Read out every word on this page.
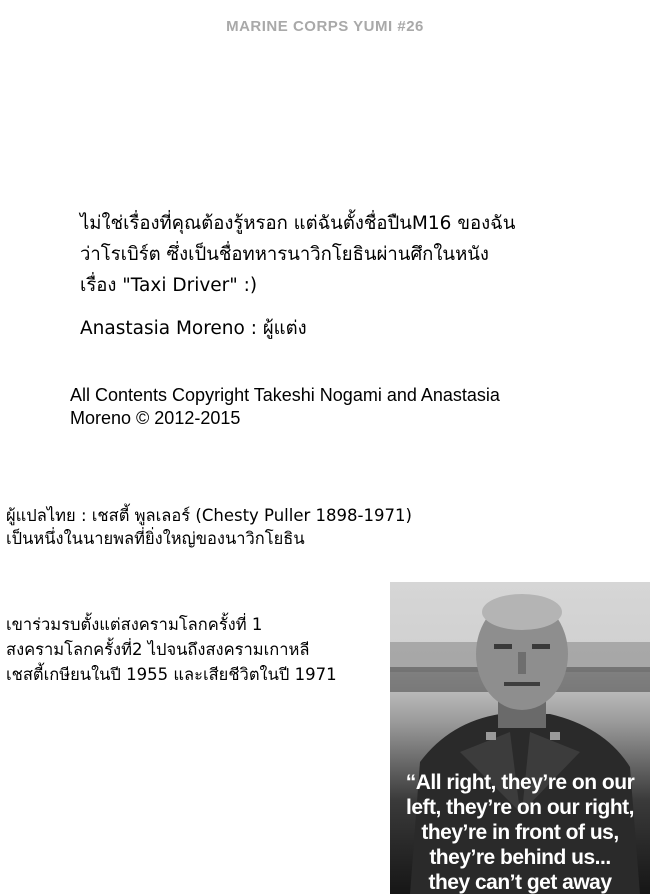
MARINE CORPS YUMI #26

ไม่ใช่เรื่องที่คุณต้องรู้หรอก แต่ฉันตั้งชื่อปืนM16 ของฉัน

ว่าโรเบิร์ต ซึ่งเป็นชื่อทหารนาวิกโยธินผ่านศึกในหนัง

เรื่อง "Taxi Driver" :)

Anastasia Moreno : ผู้แต่ง
All Contents Copyright Takeshi Nogami and Anastasia
Moreno © 2012-2015
ผู้แปลไทย : เชสตี้ พูลเลอร์ (Chesty Puller 1898-1971)
เป็นหนึ่งในนายพลที่ยิ่งใหญ่ของนาวิกโยธิน
เขาร่วมรบตั้งแต่สงครามโลกครั้งที่ 1
สงครามโลกครั้งที่2 ไปจนถึงสงครามเกาหลี
เชสตี้เกษียนในปี 1955 และเสียชีวิตในปี 1971
“All right, they’re on our
left, they’re on our right,
they’re in front of us,
they’re behind us...
they can’t get away
